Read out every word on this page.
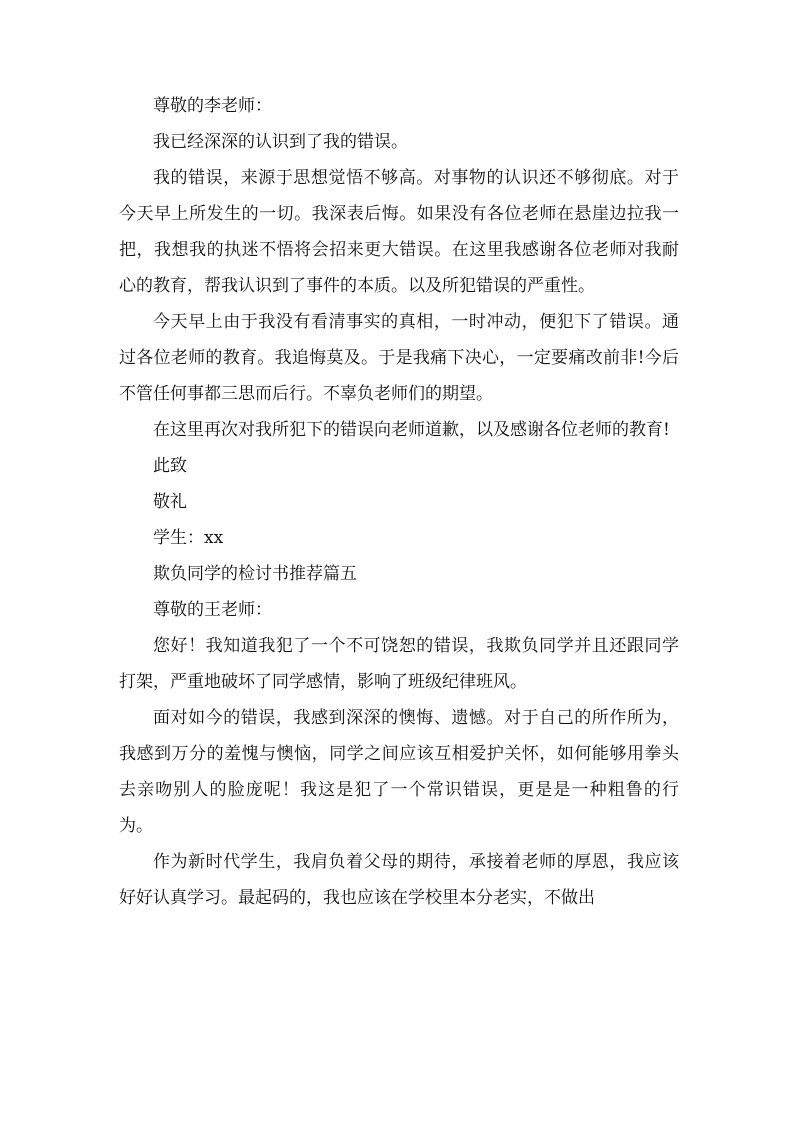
尊敬的李老师：

我已经深深的认识到了我的错误。

我的错误，来源于思想觉悟不够高。对事物的认识还不够彻底。对于今天早上所发生的一切。我深表后悔。如果没有各位老师在悬崖边拉我一把，我想我的执迷不悟将会招来更大错误。在这里我感谢各位老师对我耐心的教育，帮我认识到了事件的本质。以及所犯错误的严重性。

今天早上由于我没有看清事实的真相，一时冲动，便犯下了错误。通过各位老师的教育。我追悔莫及。于是我痛下决心，一定要痛改前非!今后不管任何事都三思而后行。不辜负老师们的期望。

在这里再次对我所犯下的错误向老师道歉，以及感谢各位老师的教育!

此致

敬礼

学生：xx

欺负同学的检讨书推荐篇五

尊敬的王老师：

您好！我知道我犯了一个不可饶恕的错误，我欺负同学并且还跟同学打架，严重地破坏了同学感情，影响了班级纪律班风。

面对如今的错误，我感到深深的懊悔、遗憾。对于自己的所作所为，我感到万分的羞愧与懊恼，同学之间应该互相爱护关怀，如何能够用拳头去亲吻别人的脸庞呢！我这是犯了一个常识错误，更是是一种粗鲁的行为。

作为新时代学生，我肩负着父母的期待，承接着老师的厚恩，我应该好好认真学习。最起码的，我也应该在学校里本分老实，不做出
